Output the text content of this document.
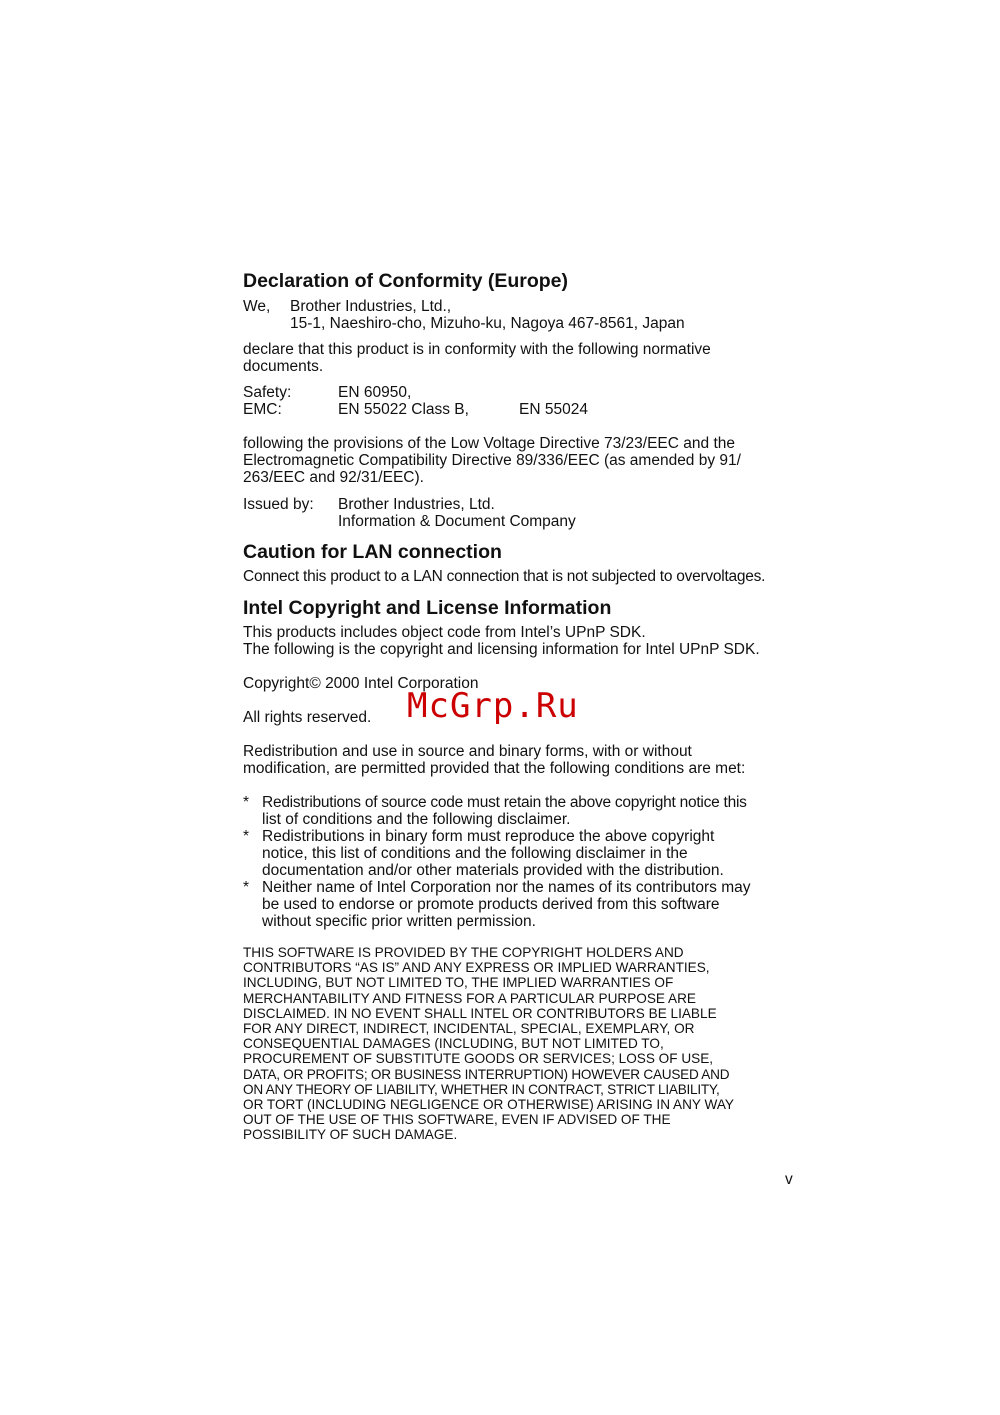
Declaration of Conformity (Europe)
We,	Brother Industries, Ltd.,
15-1, Naeshiro-cho, Mizuho-ku, Nagoya 467-8561, Japan
declare that this product is in conformity with the following normative
documents.
Safety:	EN 60950,
EMC:	EN 55022 Class B,	EN 55024
following the provisions of the Low Voltage Directive 73/23/EEC and the
Electromagnetic Compatibility Directive 89/336/EEC (as amended by 91/
263/EEC and 92/31/EEC).
Issued by:	Brother Industries, Ltd.
Information & Document Company
Caution for LAN connection
Connect this product to a LAN connection that is not subjected to overvoltages.
Intel Copyright and License Information
This products includes object code from Intel’s UPnP SDK.
The following is the copyright and licensing information for Intel UPnP SDK.
Copyright© 2000 Intel Corporation
All rights reserved.
Redistribution and use in source and binary forms, with or without
modification, are permitted provided that the following conditions are met:
* Redistributions of source code must retain the above copyright notice this
list of conditions and the following disclaimer.
* Redistributions in binary form must reproduce the above copyright
notice, this list of conditions and the following disclaimer in the
documentation and/or other materials provided with the distribution.
* Neither name of Intel Corporation nor the names of its contributors may
be used to endorse or promote products derived from this software
without specific prior written permission.
THIS SOFTWARE IS PROVIDED BY THE COPYRIGHT HOLDERS AND
CONTRIBUTORS “AS IS” AND ANY EXPRESS OR IMPLIED WARRANTIES,
INCLUDING, BUT NOT LIMITED TO, THE IMPLIED WARRANTIES OF
MERCHANTABILITY AND FITNESS FOR A PARTICULAR PURPOSE ARE
DISCLAIMED. IN NO EVENT SHALL INTEL OR CONTRIBUTORS BE LIABLE
FOR ANY DIRECT, INDIRECT, INCIDENTAL, SPECIAL, EXEMPLARY, OR
CONSEQUENTIAL DAMAGES (INCLUDING, BUT NOT LIMITED TO,
PROCUREMENT OF SUBSTITUTE GOODS OR SERVICES; LOSS OF USE,
DATA, OR PROFITS; OR BUSINESS INTERRUPTION) HOWEVER CAUSED AND
ON ANY THEORY OF LIABILITY, WHETHER IN CONTRACT, STRICT LIABILITY,
OR TORT (INCLUDING NEGLIGENCE OR OTHERWISE) ARISING IN ANY WAY
OUT OF THE USE OF THIS SOFTWARE, EVEN IF ADVISED OF THE
POSSIBILITY OF SUCH DAMAGE.
v
McGrp.Ru
